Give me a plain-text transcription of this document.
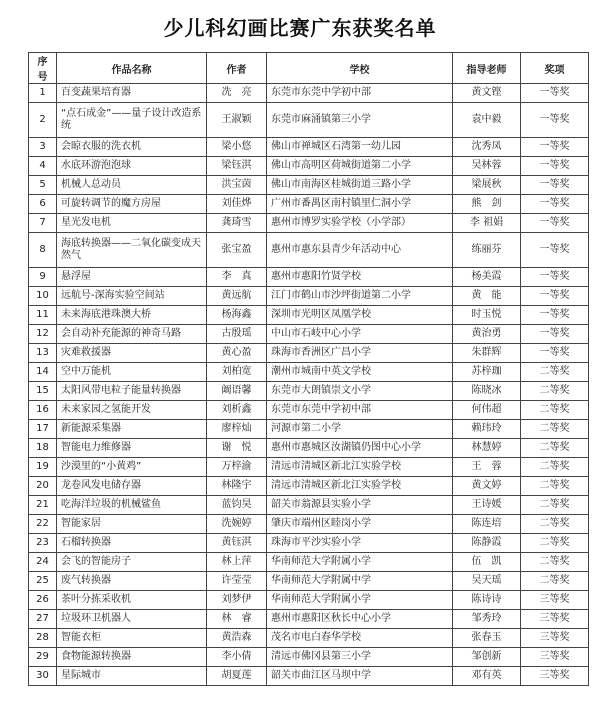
少儿科幻画比赛广东获奖名单
序号	作品名称	作者	学校	指导老师	奖项
1	百变蔬果培育器	冼　亮	东莞市东莞中学初中部	黄文铿	一等奖
2	“点石成金”——量子设计改造系统	王淑颖	东莞市麻涌镇第三小学	袁中毅	一等奖
3	会晾衣服的洗衣机	梁小悠	佛山市禅城区石湾第一幼儿园	沈秀凤	一等奖
4	水底环游泡泡球	梁钰淇	佛山市高明区荷城街道第二小学	吴林蓉	一等奖
5	机械人总动员	洪宝茵	佛山市南海区桂城街道三路小学	梁展秋	一等奖
6	可旋转调节的魔方房屋	刘佳烨	广州市番禺区南村镇里仁洞小学	熊　剑	一等奖
7	星光发电机	龚琦雪	惠州市博罗实验学校（小学部）	李 祖娟	一等奖
8	海底转换器——二氧化碳变成天然气	张宝盈	惠州市惠东县青少年活动中心	练丽芬	一等奖
9	悬浮屋	李　真	惠州市惠阳竹贤学校	杨美霞	一等奖
10	远航号-深海实验空间站	黄远航	江门市鹤山市沙坪街道第二小学	黄　能	一等奖
11	未来海底港珠澳大桥	杨海鑫	深圳市光明区凤凰学校	时玉悦	一等奖
12	会自动补充能源的神奇马路	古殷瑶	中山市石岐中心小学	黄治勇	一等奖
13	灾难救援器	黄心盈	珠海市香洲区广昌小学	朱群辉	一等奖
14	空中万能机	刘柏宽	潮州市城南中英文学校	苏梓珈	二等奖
15	太阳风带电粒子能量转换器	阚语馨	东莞市大朗镇崇文小学	陈晓冰	二等奖
16	未来家园之氢能开发	刘析鑫	东莞市东莞中学初中部	何伟超	二等奖
17	新能源采集器	廖梓灿	河源市第二小学	赖玮玲	二等奖
18	智能电力维修器	谢　悦	惠州市惠城区汝湖镇仍图中心小学	林慧婷	二等奖
19	沙漠里的“小黄鸡”	万梓渝	清远市清城区新北江实验学校	王　蓉	二等奖
20	龙卷风发电储存器	林隆宇	清远市清城区新北江实验学校	黄文婷	二等奖
21	吃海洋垃圾的机械鲨鱼	蓝钧昊	韶关市翁源县实验小学	王诗媛	二等奖
22	智能家居	洗婉婷	肇庆市端州区睦岗小学	陈连培	二等奖
23	石榴转换器	黄钰淇	珠海市平沙实验小学	陈静霞	二等奖
24	会飞的智能房子	林上萍	华南师范大学附属小学	伍　凯	二等奖
25	废气转换器	许莹莹	华南师范大学附属中学	吴天瑶	二等奖
26	茶叶分拣采收机	刘梦伊	华南师范大学附属小学	陈诗诗	三等奖
27	垃圾环卫机器人	林　睿	惠州市惠阳区秋长中心小学	邹秀玲	三等奖
28	智能衣柜	黄浩森	茂名市电白春华学校	张春玉	三等奖
29	食物能源转换器	李小倩	清远市佛冈县第三小学	邹创新	三等奖
30	星际城市	胡夏莲	韶关市曲江区马坝中学	邓有英	三等奖
